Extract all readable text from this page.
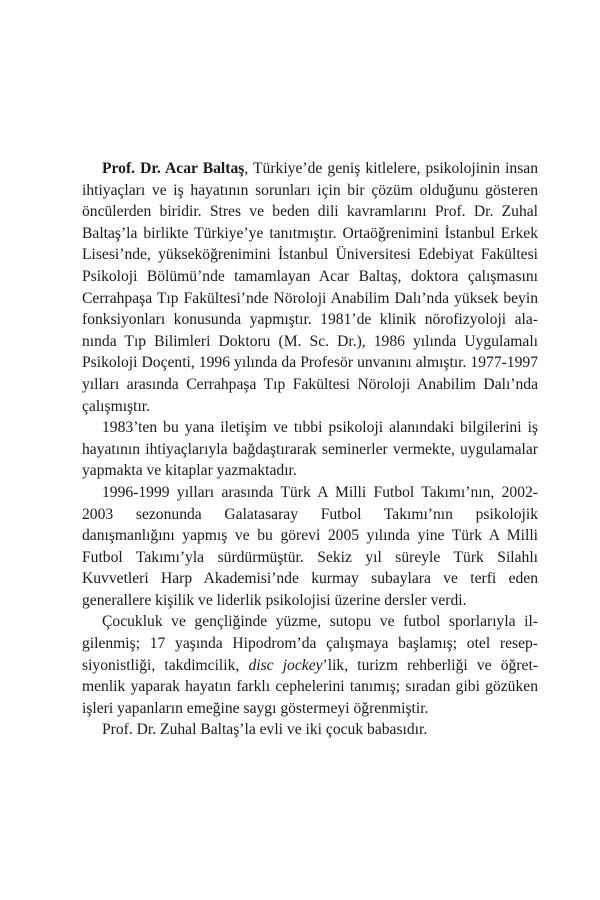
Prof. Dr. Acar Baltaş, Türkiye’de geniş kitlelere, psikolojinin insan ihtiyaçları ve iş hayatının sorunları için bir çözüm olduğunu gösteren öncülerden biridir. Stres ve beden dili kavramlarını Prof. Dr. Zuhal Baltaş’la birlikte Türkiye’ye tanıtmıştır. Ortaöğrenimini İstanbul Erkek Lisesi’nde, yükseköğrenimini İstanbul Üniversitesi Edebiyat Fakültesi Psikoloji Bölümü’nde tamamlayan Acar Baltaş, doktora çalışmasını Cerrahpaşa Tıp Fakültesi’nde Nöroloji Anabilim Dalı’nda yüksek beyin fonksiyonları konusunda yapmıştır. 1981’de klinik nörofizyoloji alanında Tıp Bilimleri Doktoru (M. Sc. Dr.), 1986 yılında Uygulamalı Psikoloji Doçenti, 1996 yılında da Profesör unvanını almıştır. 1977-1997 yılları arasında Cerrahpaşa Tıp Fakültesi Nöroloji Anabilim Dalı’nda çalışmıştır.

1983’ten bu yana iletişim ve tıbbi psikoloji alanındaki bilgilerini iş hayatının ihtiyaçlarıyla bağdaştırarak seminerler vermekte, uygulamalar yapmakta ve kitaplar yazmaktadır.

1996-1999 yılları arasında Türk A Milli Futbol Takımı’nın, 2002-2003 sezonunda Galatasaray Futbol Takımı’nın psikolojik danışmanlığını yapmış ve bu görevi 2005 yılında yine Türk A Milli Futbol Takımı’yla sürdürmüştür. Sekiz yıl süreyle Türk Silahlı Kuvvetleri Harp Akademisi’nde kurmay subaylara ve terfi eden generallere kişilik ve liderlik psikolojisi üzerine dersler verdi.

Çocukluk ve gençliğinde yüzme, sutopu ve futbol sporlarıyla ilgilenmiş; 17 yaşında Hipodrom’da çalışmaya başlamış; otel resepsiyonistliği, takdimcilik, disc jockey’lik, turizm rehberliği ve öğretmenlik yaparak hayatın farklı cephelerini tanımış; sıradan gibi gözüken işleri yapanların emeğine saygı göstermeyi öğrenmiştir.

Prof. Dr. Zuhal Baltaş’la evli ve iki çocuk babasıdır.
